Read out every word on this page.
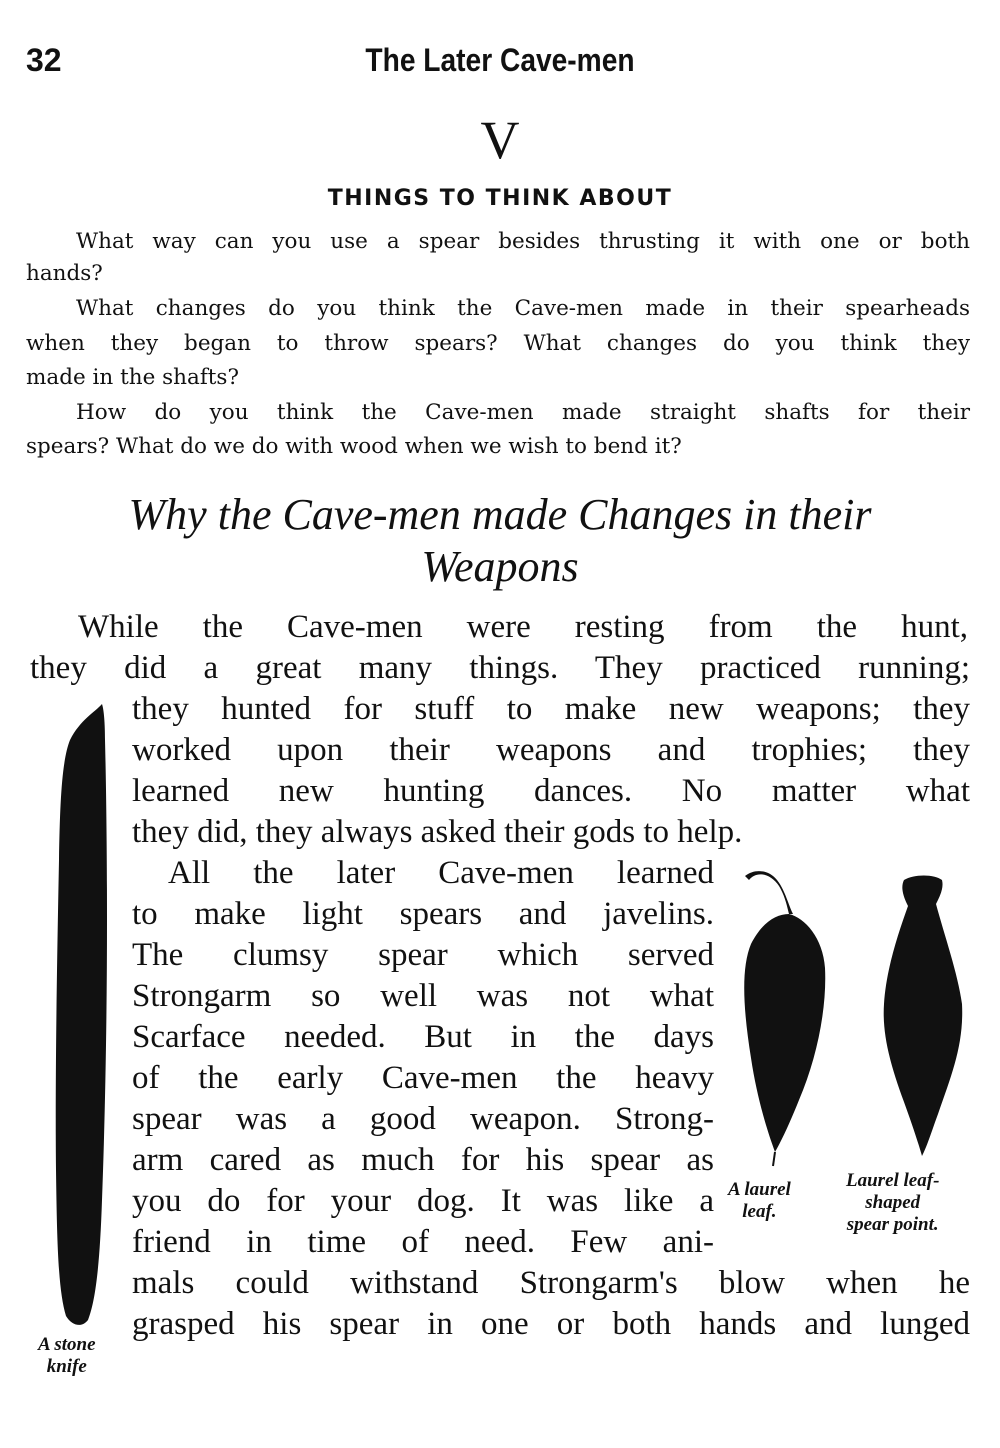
32	The Later Cave-men
V
THINGS TO THINK ABOUT
What way can you use a spear besides thrusting it with one or both
hands?
What changes do you think the Cave-men made in their spearheads
when they began to throw spears? What changes do you think they
made in the shafts?
How do you think the Cave-men made straight shafts for their
spears? What do we do with wood when we wish to bend it?
Why the Cave-men made Changes in their
Weapons
While the Cave-men were resting from the hunt,
they did a great many things. They practiced running;
they hunted for stuff to make new weapons; they
worked upon their weapons and trophies; they
learned new hunting dances. No matter what
they did, they always asked their gods to help.
All the later Cave-men learned
to make light spears and javelins.
The clumsy spear which served
Strongarm so well was not what
Scarface needed. But in the days
of the early Cave-men the heavy
spear was a good weapon. Strong-
arm cared as much for his spear as
you do for your dog. It was like a
friend in time of need. Few ani-
mals could withstand Strongarm's blow when he
grasped his spear in one or both hands and lunged
A stone
knife
A laurel
leaf.
Laurel leaf-
shaped
spear point.
